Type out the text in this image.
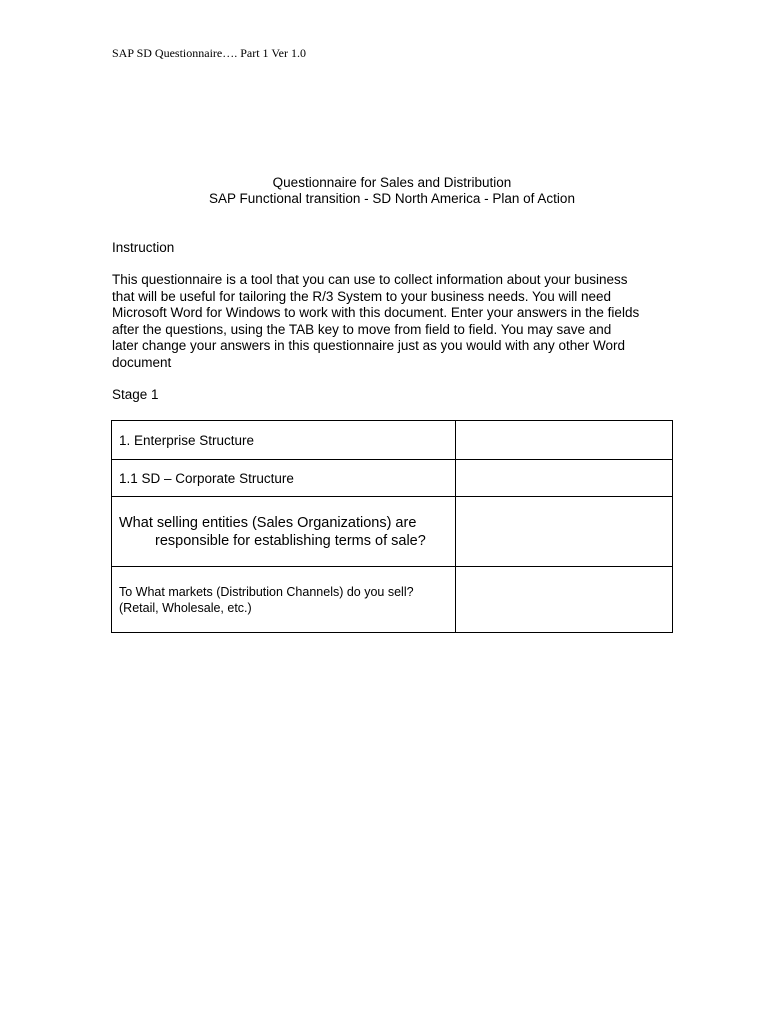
SAP SD Questionnaire…. Part 1 Ver 1.0
Questionnaire for Sales and Distribution
SAP Functional transition - SD North America - Plan of Action
Instruction
This questionnaire is a tool that you can use to collect information about your business
that will be useful for tailoring the R/3 System to your business needs. You will need
Microsoft Word for Windows to work with this document. Enter your answers in the fields
after the questions, using the TAB key to move from field to field. You may save and
later change your answers in this questionnaire just as you would with any other Word
document
Stage 1
1. Enterprise Structure	
1.1 SD – Corporate Structure	
What selling entities (Sales Organizations) are
responsible for establishing terms of sale?	

To What markets (Distribution Channels) do you sell?
(Retail, Wholesale, etc.)	
